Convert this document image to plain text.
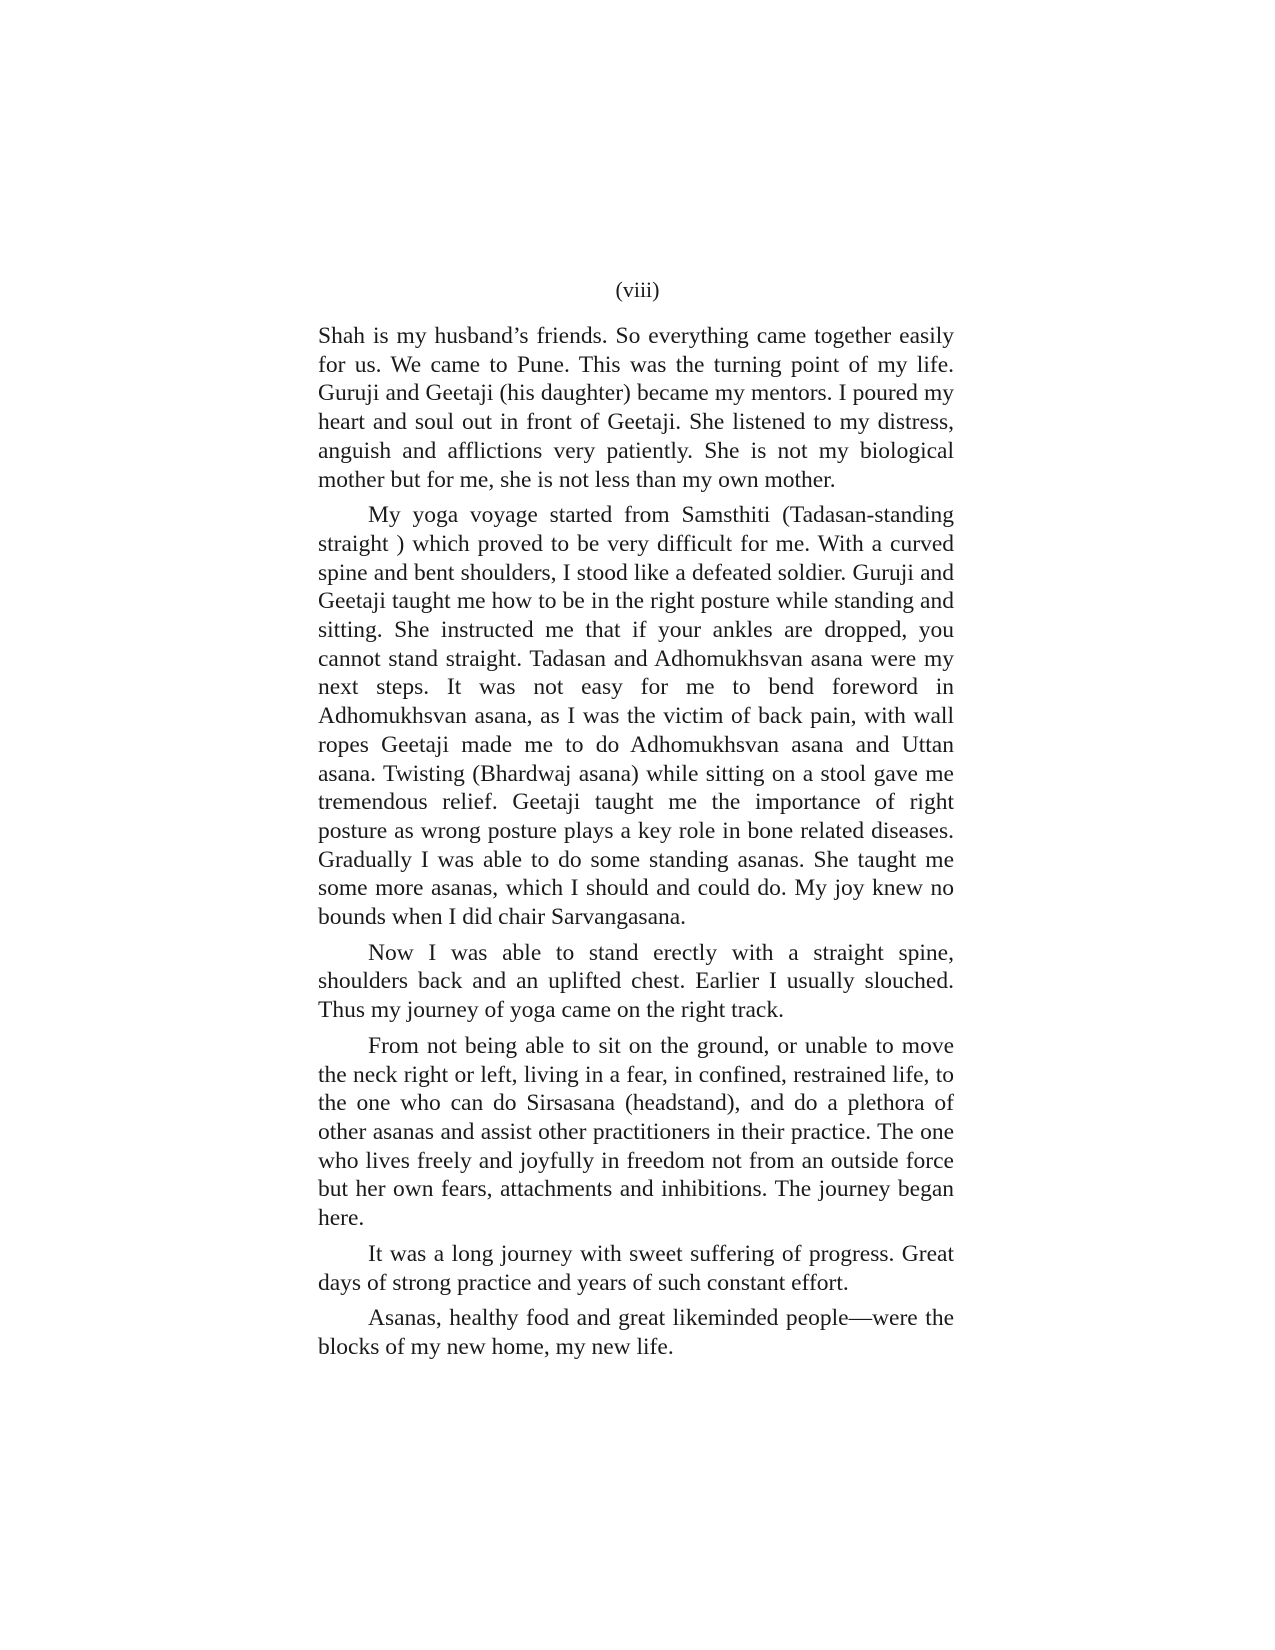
(viii)

Shah is my husband’s friends. So everything came together easily for us. We came to Pune. This was the turning point of my life. Guruji and Geetaji (his daughter) became my mentors. I poured my heart and soul out in front of Geetaji. She listened to my distress, anguish and afflictions very patiently. She is not my biological mother but for me, she is not less than my own mother.

My yoga voyage started from Samsthiti (Tadasan-standing straight ) which proved to be very difficult for me. With a curved spine and bent shoulders, I stood like a defeated soldier. Guruji and Geetaji taught me how to be in the right posture while standing and sitting. She instructed me that if your ankles are dropped, you cannot stand straight. Tadasan and Adhomukhsvan asana were my next steps. It was not easy for me to bend foreword in Adhomukhsvan asana, as I was the victim of back pain, with wall ropes Geetaji made me to do Adhomukhsvan asana and Uttan asana. Twisting (Bhardwaj asana) while sitting on a stool gave me tremendous relief. Geetaji taught me the importance of right posture as wrong posture plays a key role in bone related diseases. Gradually I was able to do some standing asanas. She taught me some more asanas, which I should and could do. My joy knew no bounds when I did chair Sarvangasana.

Now I was able to stand erectly with a straight spine, shoulders back and an uplifted chest. Earlier I usually slouched. Thus my journey of yoga came on the right track.

From not being able to sit on the ground, or unable to move the neck right or left, living in a fear, in confined, restrained life, to the one who can do Sirsasana (headstand), and do a plethora of other asanas and assist other practitioners in their practice. The one who lives freely and joyfully in freedom not from an outside force but her own fears, attachments and inhibitions. The journey began here.

It was a long journey with sweet suffering of progress. Great days of strong practice and years of such constant effort.

Asanas, healthy food and great likeminded people—were the blocks of my new home, my new life.
